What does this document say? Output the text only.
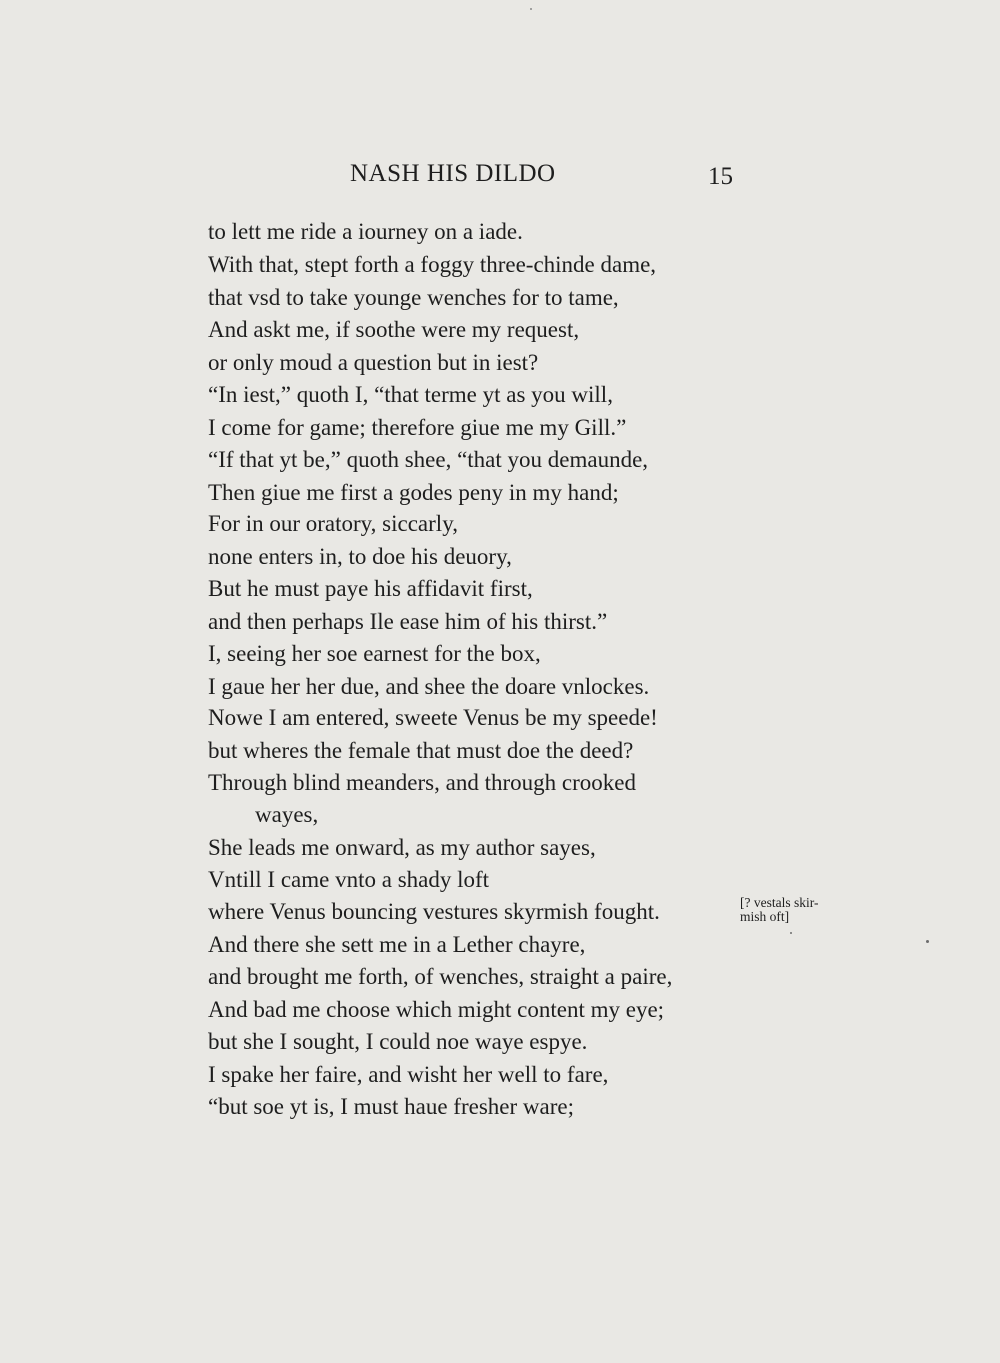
NASH HIS DILDO	15
to lett me ride a iourney on a iade.
With that, stept forth a foggy three-chinde dame,
that vsd to take younge wenches for to tame,
And askt me, if soothe were my request,
or only moud a question but in iest?
“In iest,” quoth I, “that terme yt as you will,
I come for game; therefore giue me my Gill.”
“If that yt be,” quoth shee, “that you demaunde,
Then giue me first a godes peny in my hand;
For in our oratory, siccarly,
none enters in, to doe his deuory,
But he must paye his affidavit first,
and then perhaps Ile ease him of his thirst.”
I, seeing her soe earnest for the box,
I gaue her her due, and shee the doare vnlockes.
Nowe I am entered, sweete Venus be my speede!
but wheres the female that must doe the deed?
Through blind meanders, and through crooked
wayes,
She leads me onward, as my author sayes,
Vntill I came vnto a shady loft
where Venus bouncing vestures skyrmish fought.
And there she sett me in a Lether chayre,
and brought me forth, of wenches, straight a paire,
And bad me choose which might content my eye;
but she I sought, I could noe waye espye.
I spake her faire, and wisht her well to fare,
“but soe yt is, I must haue fresher ware;
[? vestals skir-
mish oft]
